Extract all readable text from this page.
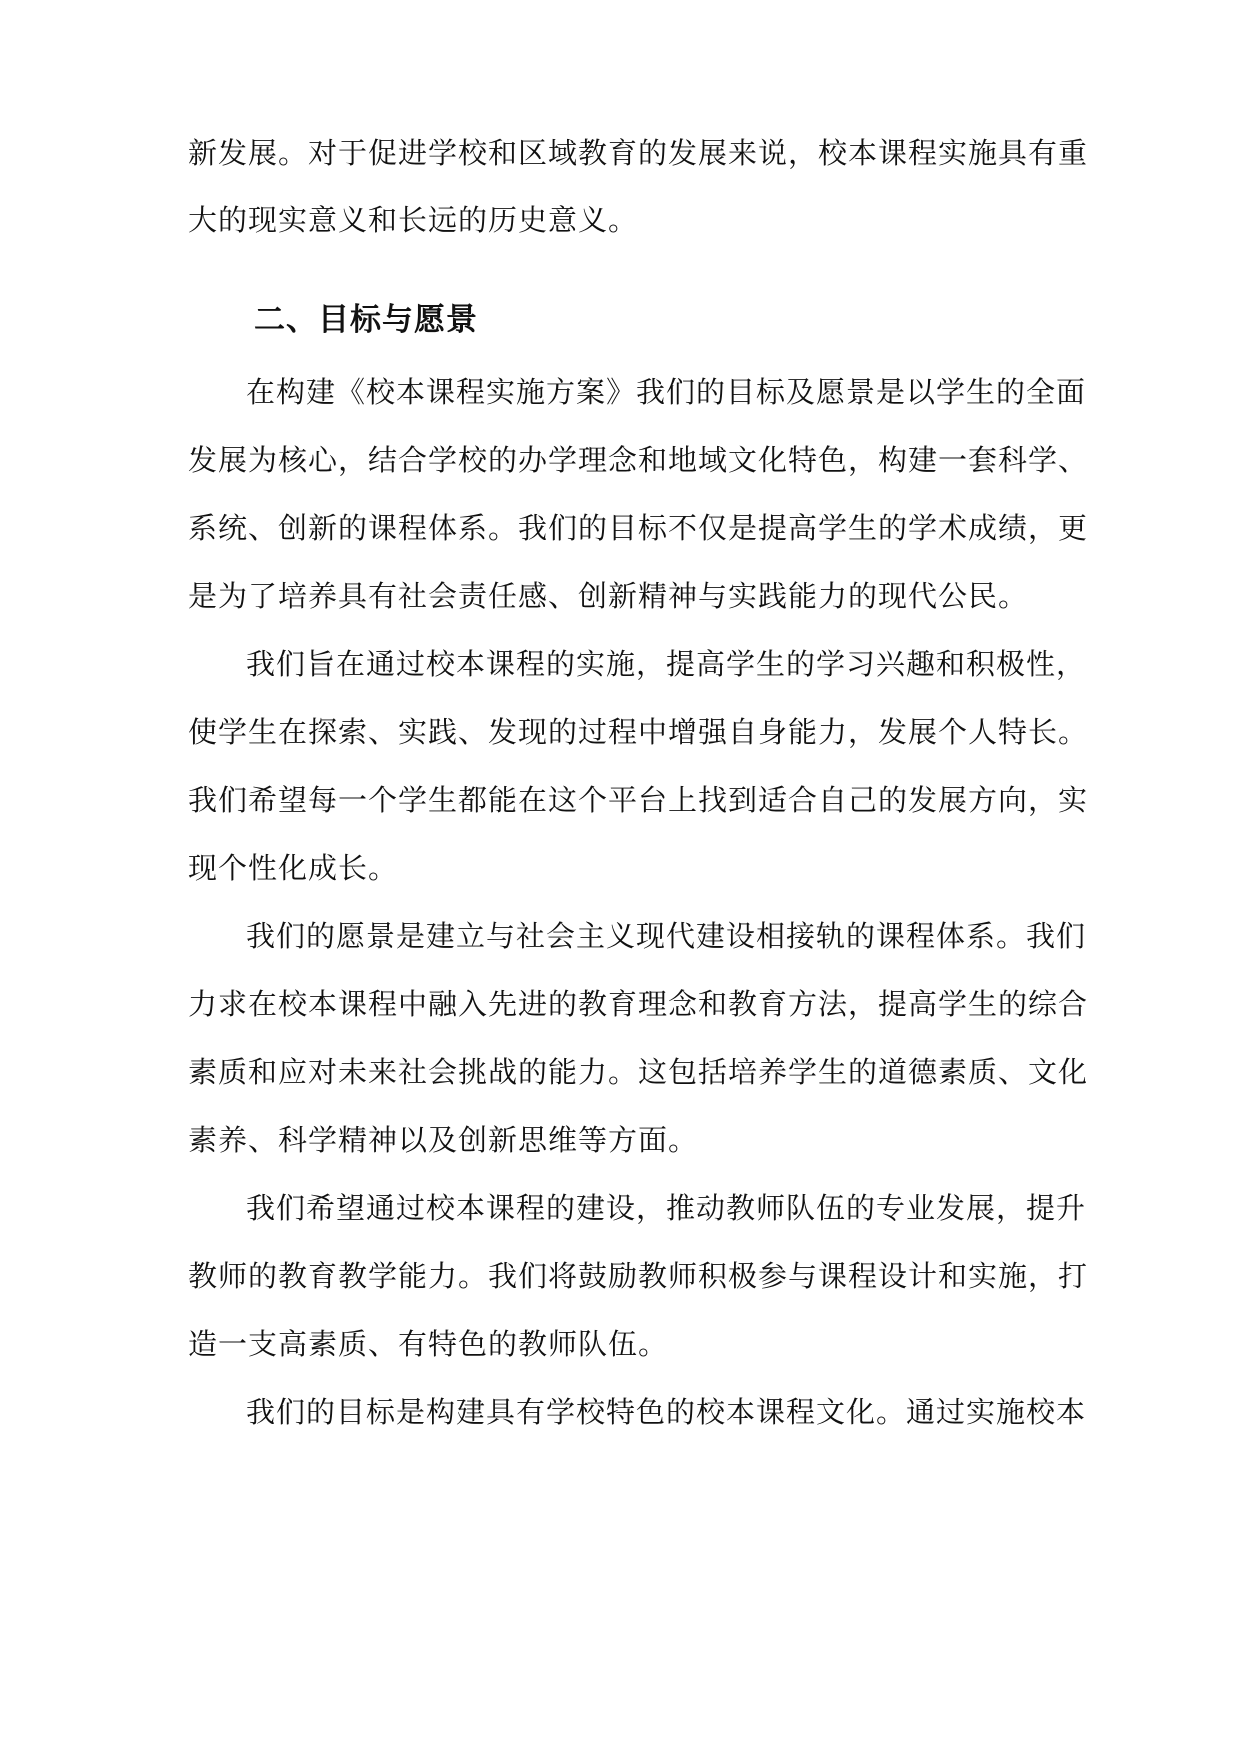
新发展。对于促进学校和区域教育的发展来说，校本课程实施具有重
大的现实意义和长远的历史意义。
二、目标与愿景
在构建《校本课程实施方案》我们的目标及愿景是以学生的全面
发展为核心，结合学校的办学理念和地域文化特色，构建一套科学、
系统、创新的课程体系。我们的目标不仅是提高学生的学术成绩，更
是为了培养具有社会责任感、创新精神与实践能力的现代公民。
我们旨在通过校本课程的实施，提高学生的学习兴趣和积极性，
使学生在探索、实践、发现的过程中增强自身能力，发展个人特长。
我们希望每一个学生都能在这个平台上找到适合自己的发展方向，实
现个性化成长。
我们的愿景是建立与社会主义现代建设相接轨的课程体系。我们
力求在校本课程中融入先进的教育理念和教育方法，提高学生的综合
素质和应对未来社会挑战的能力。这包括培养学生的道德素质、文化
素养、科学精神以及创新思维等方面。
我们希望通过校本课程的建设，推动教师队伍的专业发展，提升
教师的教育教学能力。我们将鼓励教师积极参与课程设计和实施，打
造一支高素质、有特色的教师队伍。
我们的目标是构建具有学校特色的校本课程文化。通过实施校本
